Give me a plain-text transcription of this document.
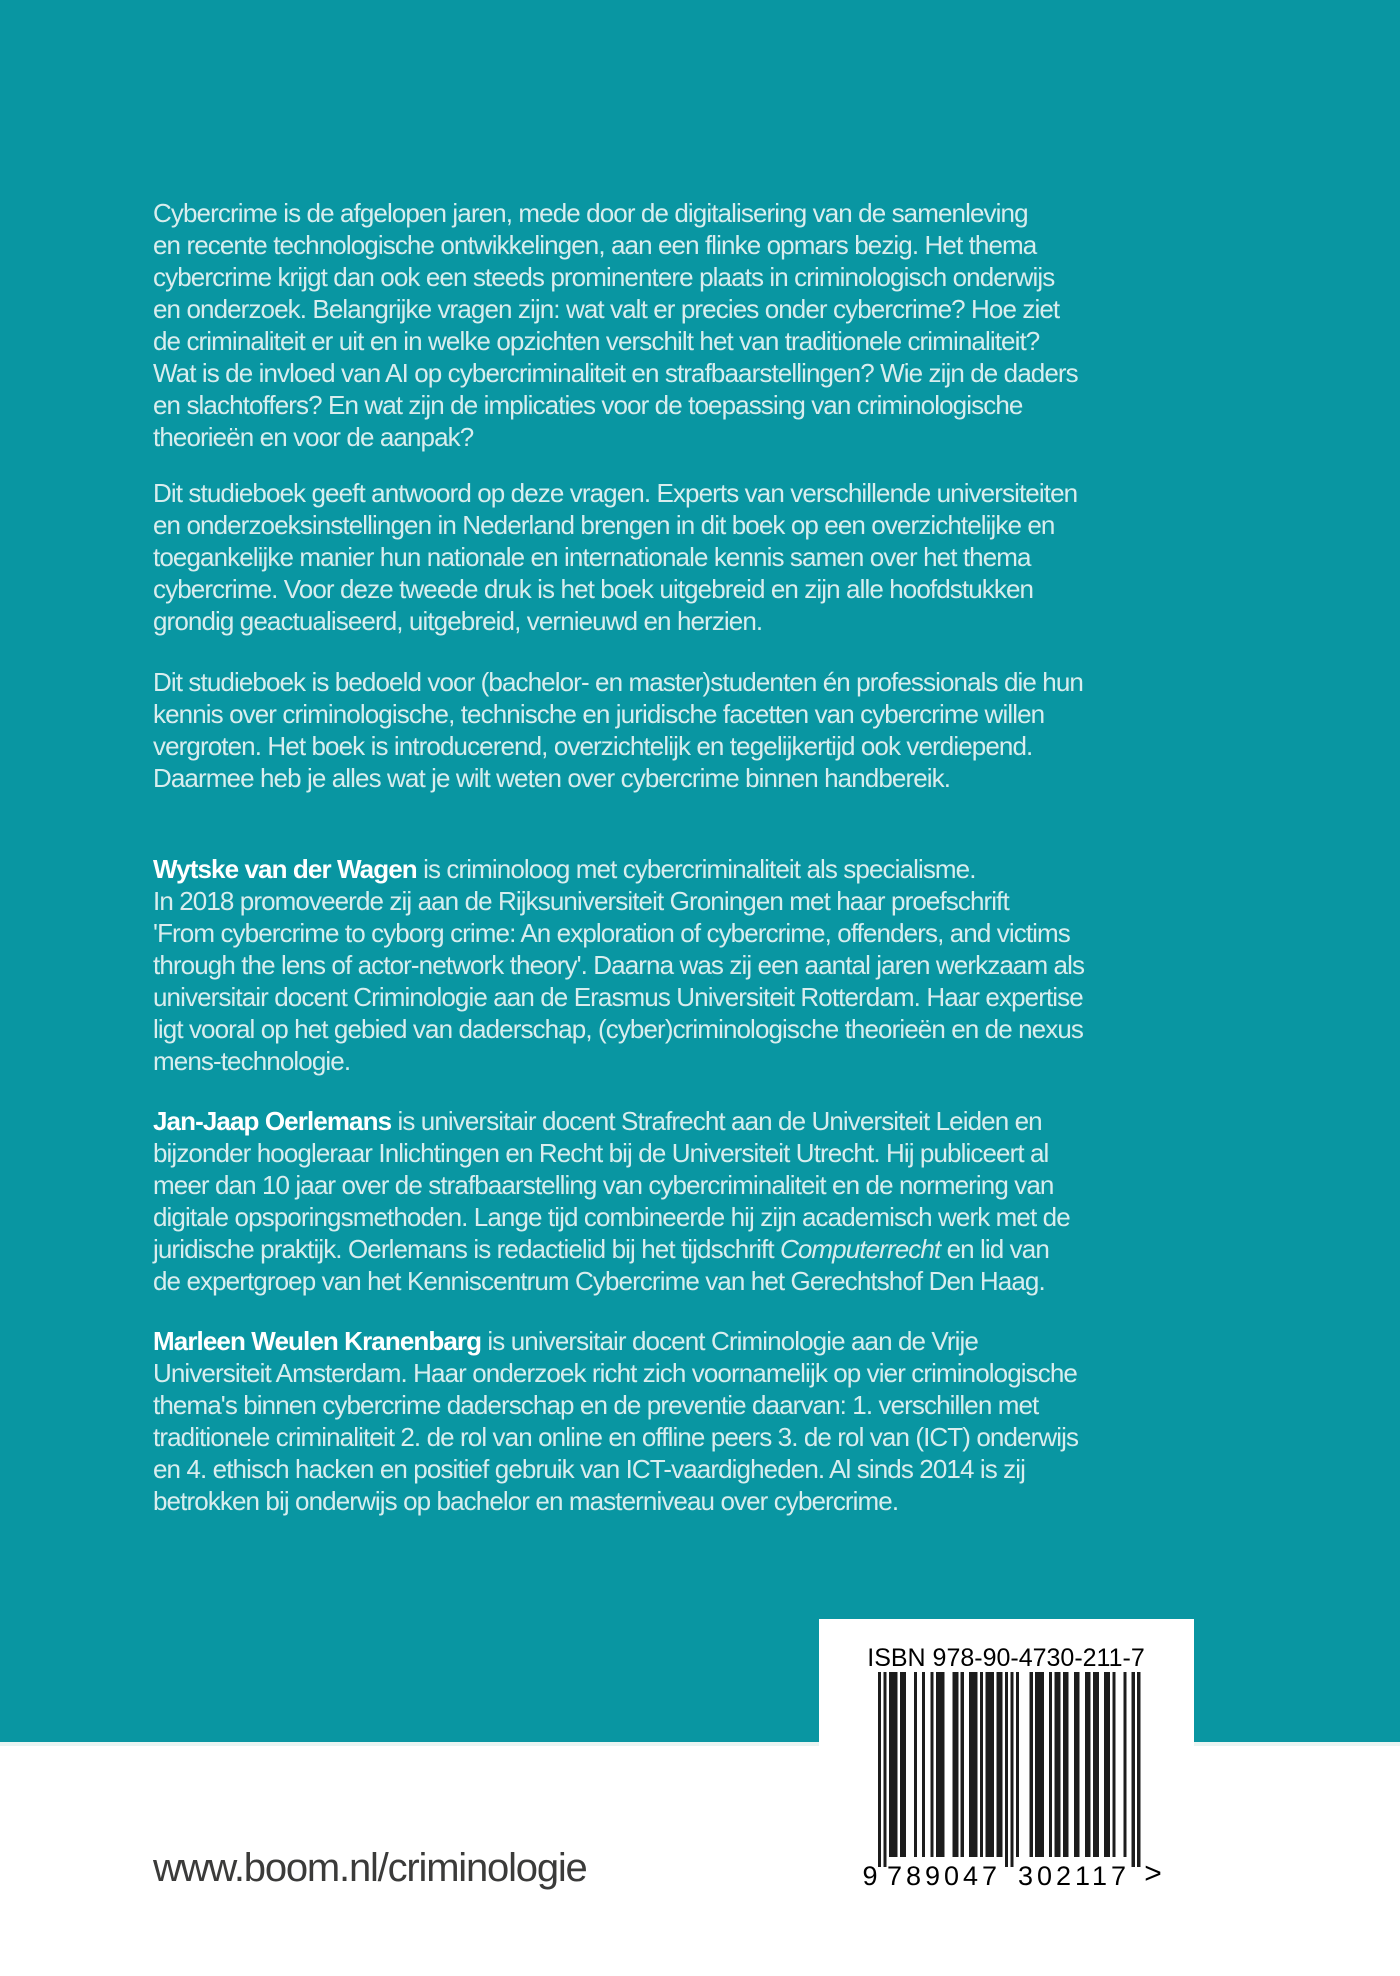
Cybercrime is de afgelopen jaren, mede door de digitalisering van de samenleving
en recente technologische ontwikkelingen, aan een flinke opmars bezig. Het thema
cybercrime krijgt dan ook een steeds prominentere plaats in criminologisch onderwijs
en onderzoek. Belangrijke vragen zijn: wat valt er precies onder cybercrime? Hoe ziet
de criminaliteit er uit en in welke opzichten verschilt het van traditionele criminaliteit?
Wat is de invloed van AI op cybercriminaliteit en strafbaarstellingen? Wie zijn de daders
en slachtoffers? En wat zijn de implicaties voor de toepassing van criminologische
theorieën en voor de aanpak?
Dit studieboek geeft antwoord op deze vragen. Experts van verschillende universiteiten
en onderzoeksinstellingen in Nederland brengen in dit boek op een overzichtelijke en
toegankelijke manier hun nationale en internationale kennis samen over het thema
cybercrime. Voor deze tweede druk is het boek uitgebreid en zijn alle hoofdstukken
grondig geactualiseerd, uitgebreid, vernieuwd en herzien.
Dit studieboek is bedoeld voor (bachelor- en master)studenten én professionals die hun
kennis over criminologische, technische en juridische facetten van cybercrime willen
vergroten. Het boek is introducerend, overzichtelijk en tegelijkertijd ook verdiepend.
Daarmee heb je alles wat je wilt weten over cybercrime binnen handbereik.
Wytske van der Wagen is criminoloog met cybercriminaliteit als specialisme.
In 2018 promoveerde zij aan de Rijksuniversiteit Groningen met haar proefschrift
'From cybercrime to cyborg crime: An exploration of cybercrime, offenders, and victims
through the lens of actor-network theory'. Daarna was zij een aantal jaren werkzaam als
universitair docent Criminologie aan de Erasmus Universiteit Rotterdam. Haar expertise
ligt vooral op het gebied van daderschap, (cyber)criminologische theorieën en de nexus
mens-technologie.
Jan-Jaap Oerlemans is universitair docent Strafrecht aan de Universiteit Leiden en
bijzonder hoogleraar Inlichtingen en Recht bij de Universiteit Utrecht. Hij publiceert al
meer dan 10 jaar over de strafbaarstelling van cybercriminaliteit en de normering van
digitale opsporingsmethoden. Lange tijd combineerde hij zijn academisch werk met de
juridische praktijk. Oerlemans is redactielid bij het tijdschrift Computerrecht en lid van
de expertgroep van het Kenniscentrum Cybercrime van het Gerechtshof Den Haag.
Marleen Weulen Kranenbarg is universitair docent Criminologie aan de Vrije
Universiteit Amsterdam. Haar onderzoek richt zich voornamelijk op vier criminologische
thema's binnen cybercrime daderschap en de preventie daarvan: 1. verschillen met
traditionele criminaliteit 2. de rol van online en offline peers 3. de rol van (ICT) onderwijs
en 4. ethisch hacken en positief gebruik van ICT-vaardigheden. Al sinds 2014 is zij
betrokken bij onderwijs op bachelor en masterniveau over cybercrime.
ISBN 978-90-4730-211-7
9 789047 302117 >
www.boom.nl/criminologie
